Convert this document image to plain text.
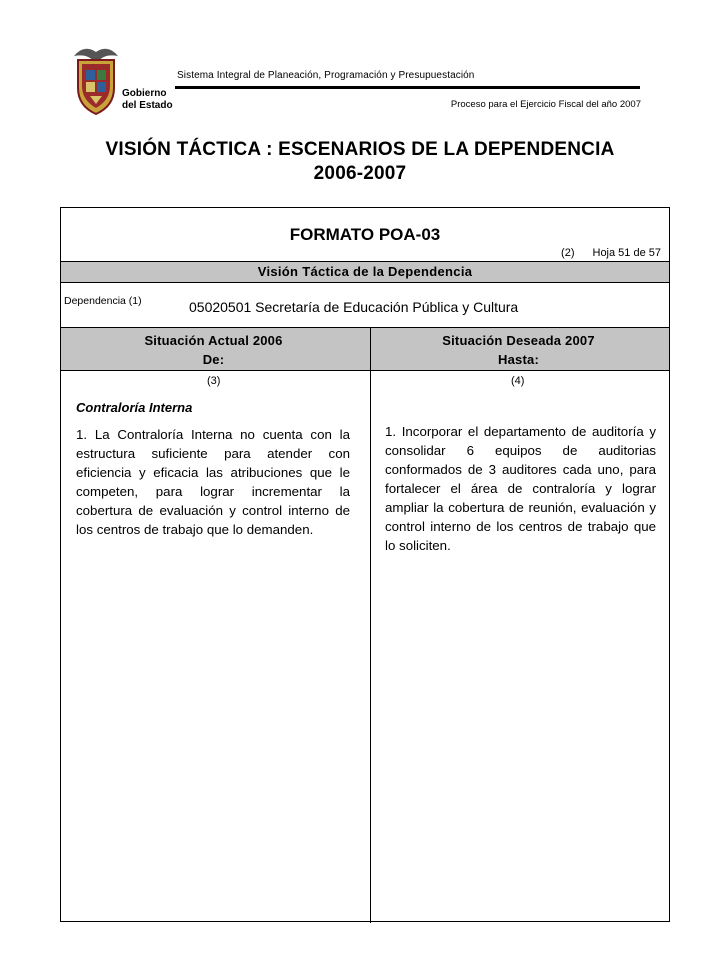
Gobierno
del Estado
Sistema Integral de Planeación, Programación y Presupuestación
Proceso para el Ejercicio Fiscal del año 2007
VISIÓN TÁCTICA : ESCENARIOS DE LA DEPENDENCIA
2006-2007
FORMATO POA-03
(2) Hoja 51 de 57
Visión Táctica de la Dependencia
Dependencia (1)	05020501 Secretaría de Educación Pública y Cultura
Situación Actual 2006
De:
Situación Deseada 2007
Hasta:
(3)	(4)
Contraloría Interna
1. La Contraloría Interna no cuenta con la estructura suficiente para atender con eficiencia y eficacia las atribuciones que le competen, para lograr incrementar la cobertura de evaluación y control interno de los centros de trabajo que lo demanden.
1. Incorporar el departamento de auditoría y consolidar 6 equipos de auditorias conformados de 3 auditores cada uno, para fortalecer el área de contraloría y lograr ampliar la cobertura de reunión, evaluación y control interno de los centros de trabajo que lo soliciten.
